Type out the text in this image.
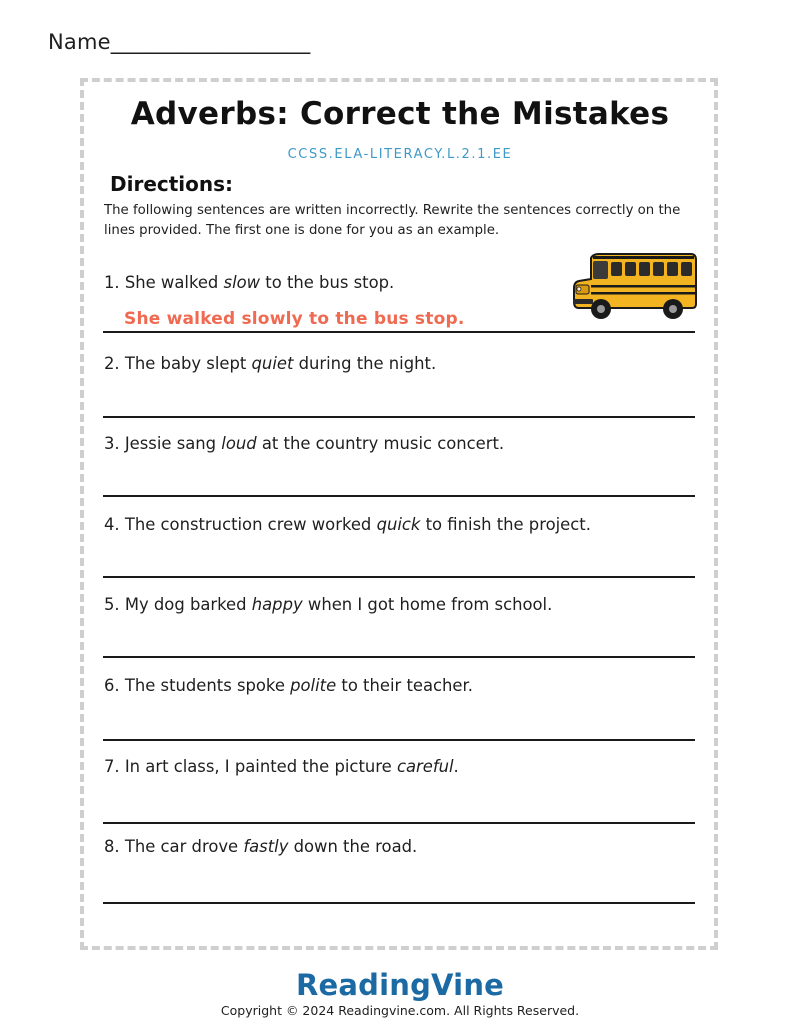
Name___________________
Adverbs: Correct the Mistakes
CCSS.ELA-LITERACY.L.2.1.EE
Directions:
The following sentences are written incorrectly. Rewrite the sentences correctly on the lines provided. The first one is done for you as an example.
1. She walked slow to the bus stop.
She walked slowly to the bus stop.
2. The baby slept quiet during the night.
3. Jessie sang loud at the country music concert.
4. The construction crew worked quick to finish the project.
5. My dog barked happy when I got home from school.
6. The students spoke polite to their teacher.
7. In art class, I painted the picture careful.
8. The car drove fastly down the road.
ReadingVine
Copyright © 2024 Readingvine.com. All Rights Reserved.
